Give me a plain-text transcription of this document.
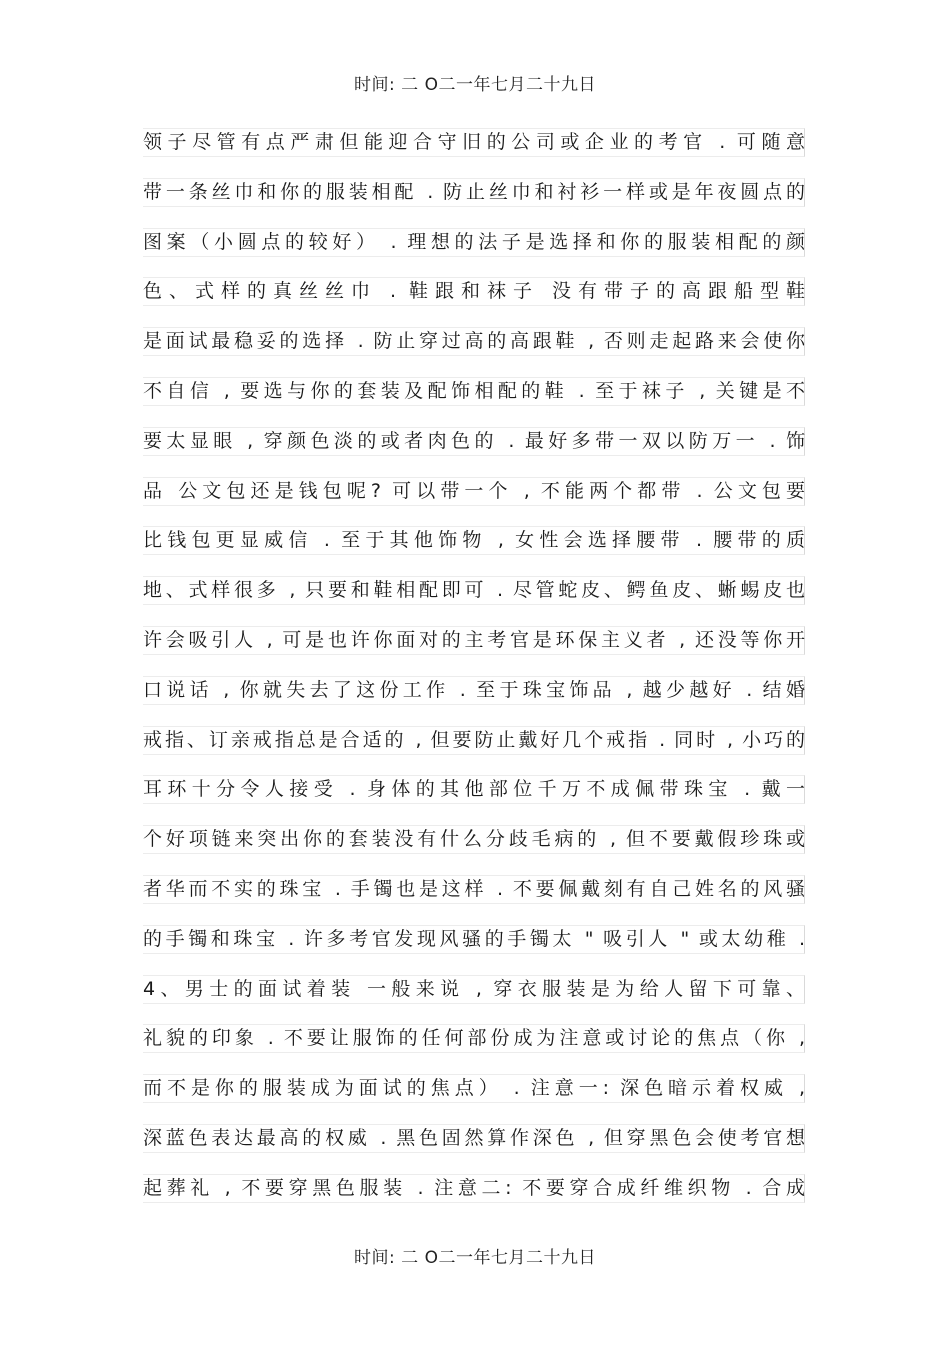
时间: 二 O二一年七月二十九日
领子尽管有点严肃但能迎合守旧的公司或企业的考官 . 可随意
带一条丝巾和你的服装相配 . 防止丝巾和衬衫一样或是年夜圆点的
图案（小圆点的较好） . 理想的法子是选择和你的服装相配的颜
色、式样的真丝丝巾 . 鞋跟和袜子 没有带子的高跟船型鞋
是面试最稳妥的选择 . 防止穿过高的高跟鞋 , 否则走起路来会使你
不自信 , 要选与你的套装及配饰相配的鞋 . 至于袜子 , 关键是不
要太显眼 , 穿颜色淡的或者肉色的 . 最好多带一双以防万一 . 饰
品 公文包还是钱包呢? 可以带一个 , 不能两个都带 . 公文包要
比钱包更显威信 . 至于其他饰物 , 女性会选择腰带 . 腰带的质
地、式样很多 , 只要和鞋相配即可 . 尽管蛇皮、鳄鱼皮、蜥蜴皮也
许会吸引人 , 可是也许你面对的主考官是环保主义者 , 还没等你开
口说话 , 你就失去了这份工作 . 至于珠宝饰品 , 越少越好 . 结婚
戒指、订亲戒指总是合适的 , 但要防止戴好几个戒指 . 同时 , 小巧的
耳环十分令人接受 . 身体的其他部位千万不成佩带珠宝 . 戴一
个好项链来突出你的套装没有什么分歧毛病的 , 但不要戴假珍珠或
者华而不实的珠宝 . 手镯也是这样 . 不要佩戴刻有自己姓名的风骚
的手镯和珠宝 . 许多考官发现风骚的手镯太 " 吸引人 " 或太幼稚 .
4、男士的面试着装 一般来说 , 穿衣服装是为给人留下可靠、
礼貌的印象 . 不要让服饰的任何部份成为注意或讨论的焦点（你 ,
而不是你的服装成为面试的焦点） . 注意一: 深色暗示着权威 ,
深蓝色表达最高的权威 . 黑色固然算作深色 , 但穿黑色会使考官想
起葬礼 , 不要穿黑色服装 . 注意二: 不要穿合成纤维织物 . 合成
时间: 二 O二一年七月二十九日
